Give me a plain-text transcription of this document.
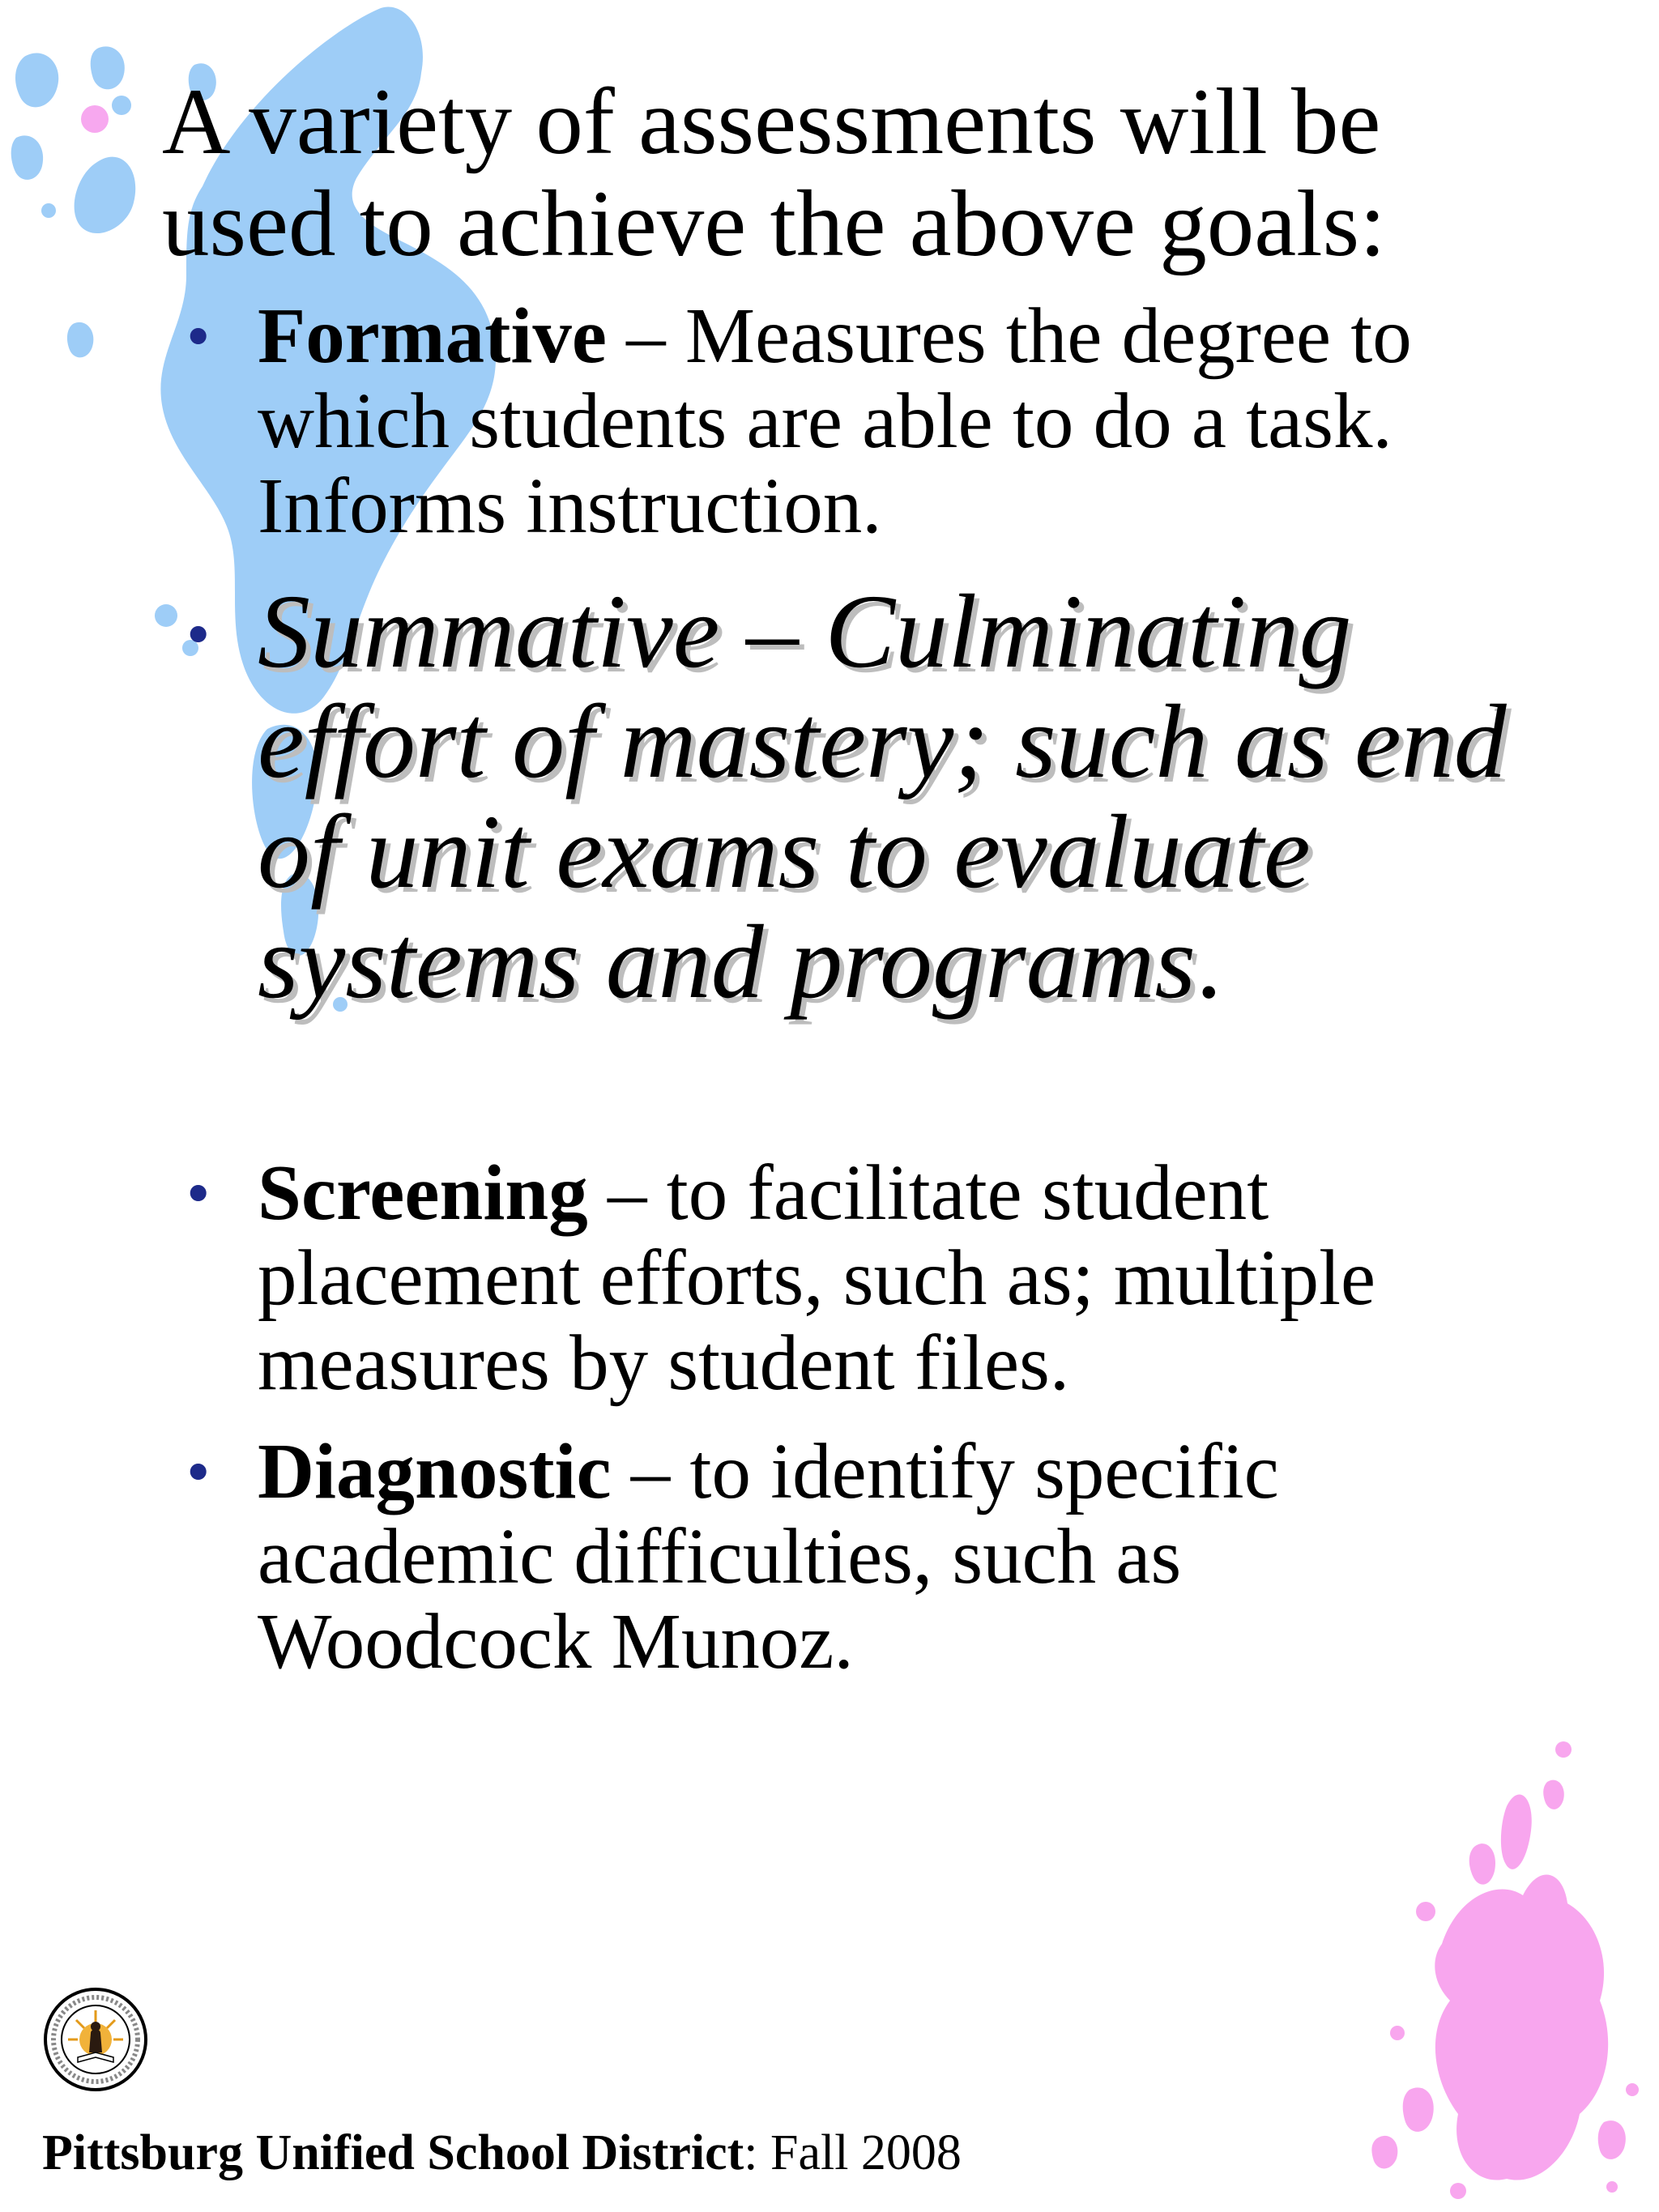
A variety of assessments will be used to achieve the above goals:
• Formative – Measures the degree to which students are able to do a task. Informs instruction.
• Summative – Culminating effort of mastery; such as end of unit exams to evaluate systems and programs.
• Screening – to facilitate student placement efforts, such as; multiple measures by student files.
• Diagnostic – to identify specific academic difficulties, such as Woodcock Munoz.
Pittsburg Unified School District: Fall 2008
